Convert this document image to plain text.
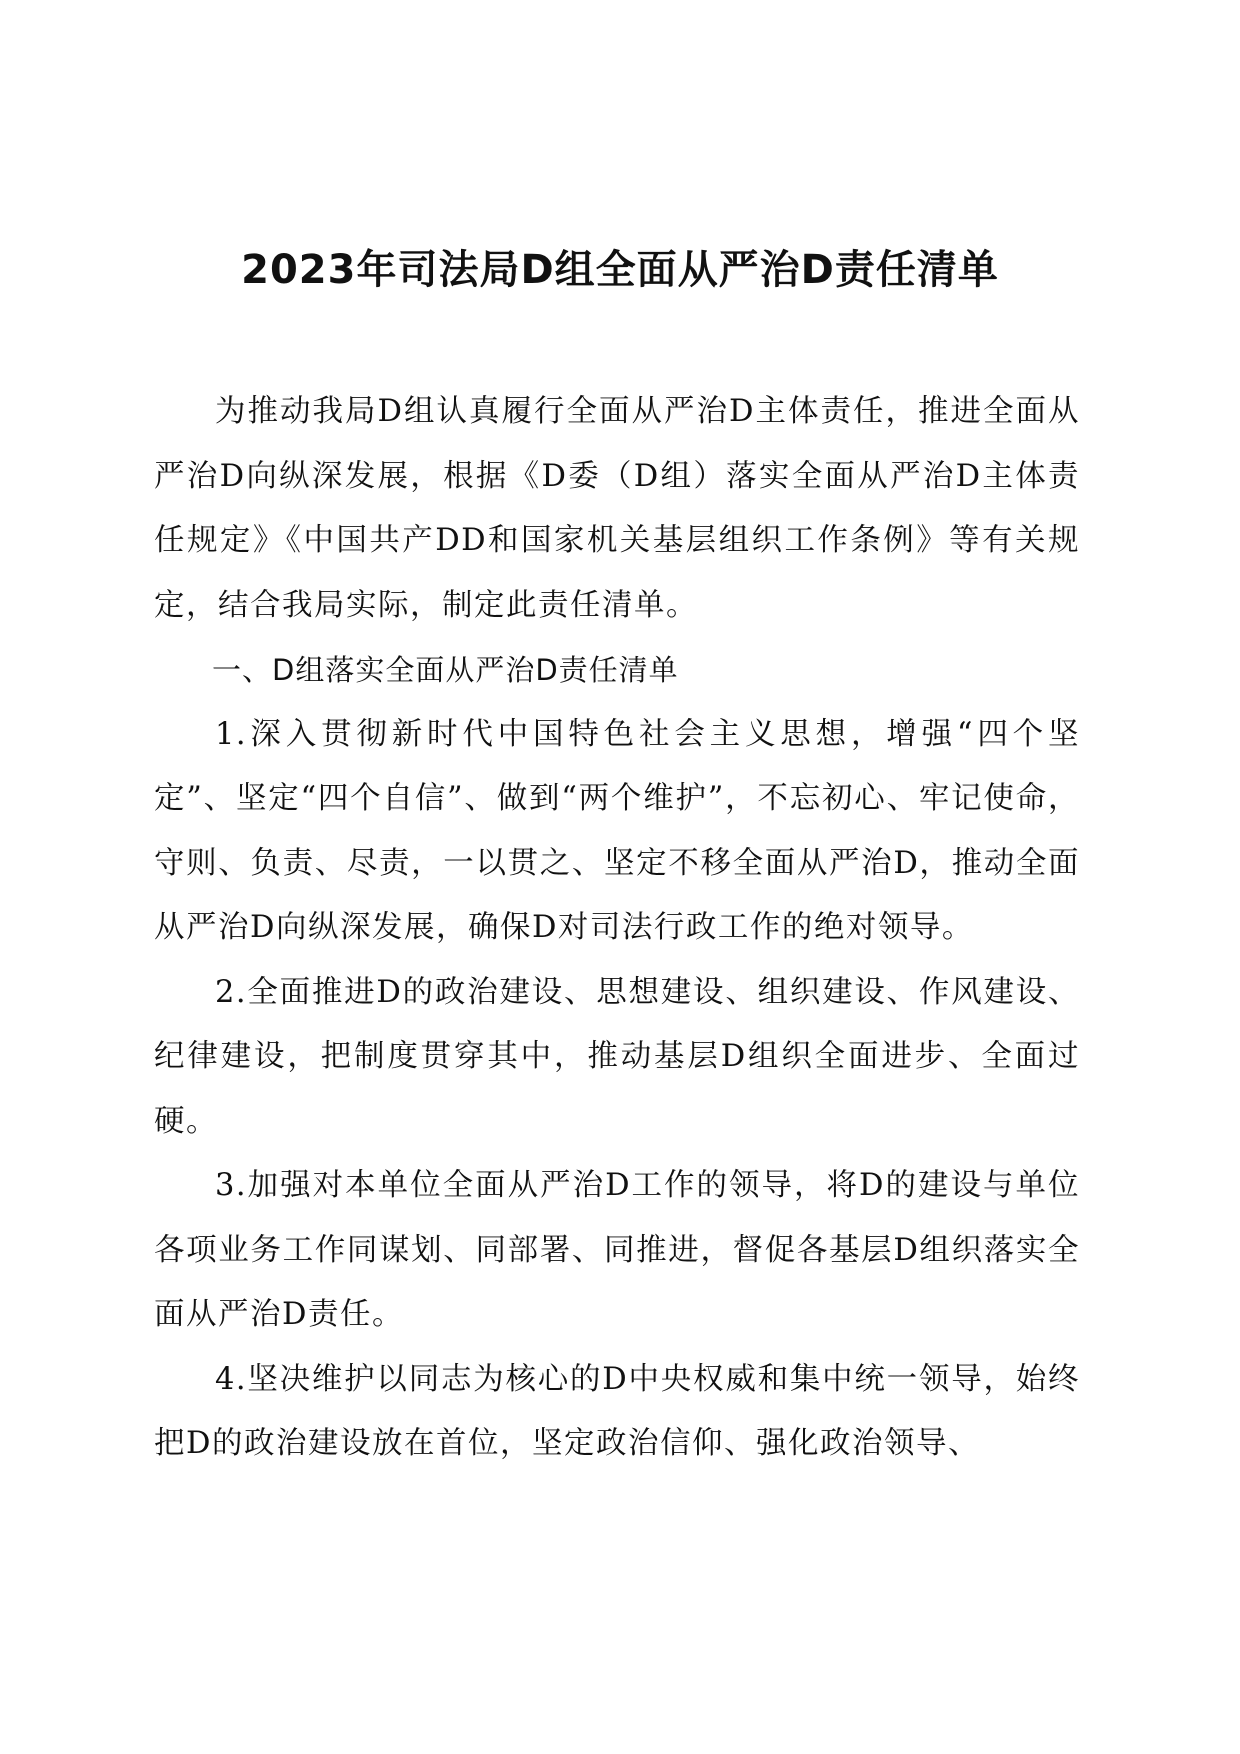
2023年司法局D组全面从严治D责任清单

为推动我局D组认真履行全面从严治D主体责任，推进全面从严治D向纵深发展，根据《D委（D组）落实全面从严治D主体责任规定》《中国共产DD和国家机关基层组织工作条例》等有关规定，结合我局实际，制定此责任清单。

一、D组落实全面从严治D责任清单

1.深入贯彻新时代中国特色社会主义思想，增强“四个坚定”、坚定“四个自信”、做到“两个维护”，不忘初心、牢记使命，守则、负责、尽责，一以贯之、坚定不移全面从严治D，推动全面从严治D向纵深发展，确保D对司法行政工作的绝对领导。

2.全面推进D的政治建设、思想建设、组织建设、作风建设、纪律建设，把制度贯穿其中，推动基层D组织全面进步、全面过硬。

3.加强对本单位全面从严治D工作的领导，将D的建设与单位各项业务工作同谋划、同部署、同推进，督促各基层D组织落实全面从严治D责任。

4.坚决维护以同志为核心的D中央权威和集中统一领导，始终把D的政治建设放在首位，坚定政治信仰、强化政治领导、
